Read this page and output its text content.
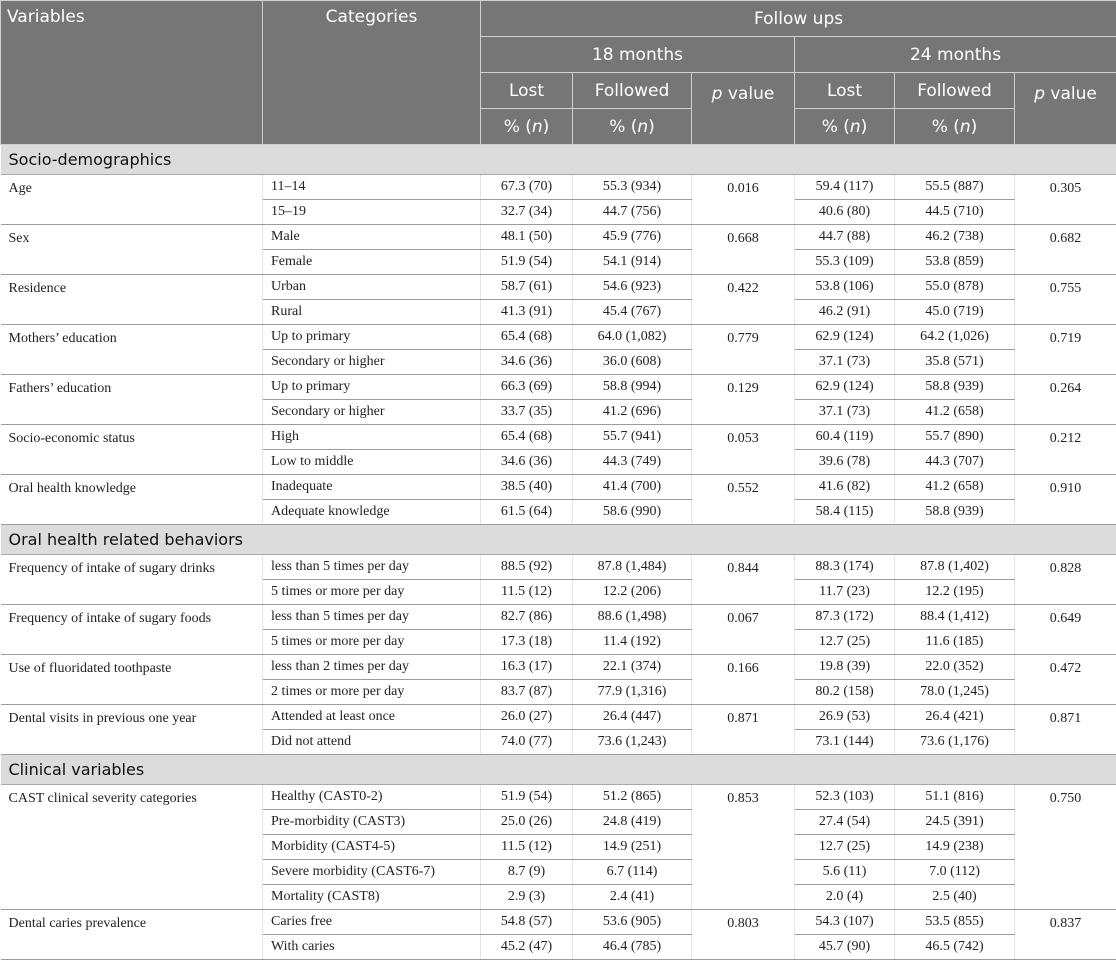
Variables	Categories	Follow ups					
		18 months			24 months		
		Lost	Followed	p value	Lost	Followed	p value
		% (n)	% (n)		% (n)	% (n)	
Socio-demographics							
Age	11–14	67.3 (70)	55.3 (934)	0.016	59.4 (117)	55.5 (887)	0.305
	15–19	32.7 (34)	44.7 (756)		40.6 (80)	44.5 (710)	
Sex	Male	48.1 (50)	45.9 (776)	0.668	44.7 (88)	46.2 (738)	0.682
	Female	51.9 (54)	54.1 (914)		55.3 (109)	53.8 (859)	
Residence	Urban	58.7 (61)	54.6 (923)	0.422	53.8 (106)	55.0 (878)	0.755
	Rural	41.3 (91)	45.4 (767)		46.2 (91)	45.0 (719)	
Mothers’ education	Up to primary	65.4 (68)	64.0 (1,082)	0.779	62.9 (124)	64.2 (1,026)	0.719
	Secondary or higher	34.6 (36)	36.0 (608)		37.1 (73)	35.8 (571)	
Fathers’ education	Up to primary	66.3 (69)	58.8 (994)	0.129	62.9 (124)	58.8 (939)	0.264
	Secondary or higher	33.7 (35)	41.2 (696)		37.1 (73)	41.2 (658)	
Socio-economic status	High	65.4 (68)	55.7 (941)	0.053	60.4 (119)	55.7 (890)	0.212
	Low to middle	34.6 (36)	44.3 (749)		39.6 (78)	44.3 (707)	
Oral health knowledge	Inadequate	38.5 (40)	41.4 (700)	0.552	41.6 (82)	41.2 (658)	0.910
	Adequate knowledge	61.5 (64)	58.6 (990)		58.4 (115)	58.8 (939)	
Oral health related behaviors							
Frequency of intake of sugary drinks	less than 5 times per day	88.5 (92)	87.8 (1,484)	0.844	88.3 (174)	87.8 (1,402)	0.828
	5 times or more per day	11.5 (12)	12.2 (206)		11.7 (23)	12.2 (195)	
Frequency of intake of sugary foods	less than 5 times per day	82.7 (86)	88.6 (1,498)	0.067	87.3 (172)	88.4 (1,412)	0.649
	5 times or more per day	17.3 (18)	11.4 (192)		12.7 (25)	11.6 (185)	
Use of fluoridated toothpaste	less than 2 times per day	16.3 (17)	22.1 (374)	0.166	19.8 (39)	22.0 (352)	0.472
	2 times or more per day	83.7 (87)	77.9 (1,316)		80.2 (158)	78.0 (1,245)	
Dental visits in previous one year	Attended at least once	26.0 (27)	26.4 (447)	0.871	26.9 (53)	26.4 (421)	0.871
	Did not attend	74.0 (77)	73.6 (1,243)		73.1 (144)	73.6 (1,176)	
Clinical variables							
CAST clinical severity categories	Healthy (CAST0-2)	51.9 (54)	51.2 (865)	0.853	52.3 (103)	51.1 (816)	0.750
	Pre-morbidity (CAST3)	25.0 (26)	24.8 (419)		27.4 (54)	24.5 (391)	
	Morbidity (CAST4-5)	11.5 (12)	14.9 (251)		12.7 (25)	14.9 (238)	
	Severe morbidity (CAST6-7)	8.7 (9)	6.7 (114)		5.6 (11)	7.0 (112)	
	Mortality (CAST8)	2.9 (3)	2.4 (41)		2.0 (4)	2.5 (40)	
Dental caries prevalence	Caries free	54.8 (57)	53.6 (905)	0.803	54.3 (107)	53.5 (855)	0.837
	With caries	45.2 (47)	46.4 (785)		45.7 (90)	46.5 (742)	
